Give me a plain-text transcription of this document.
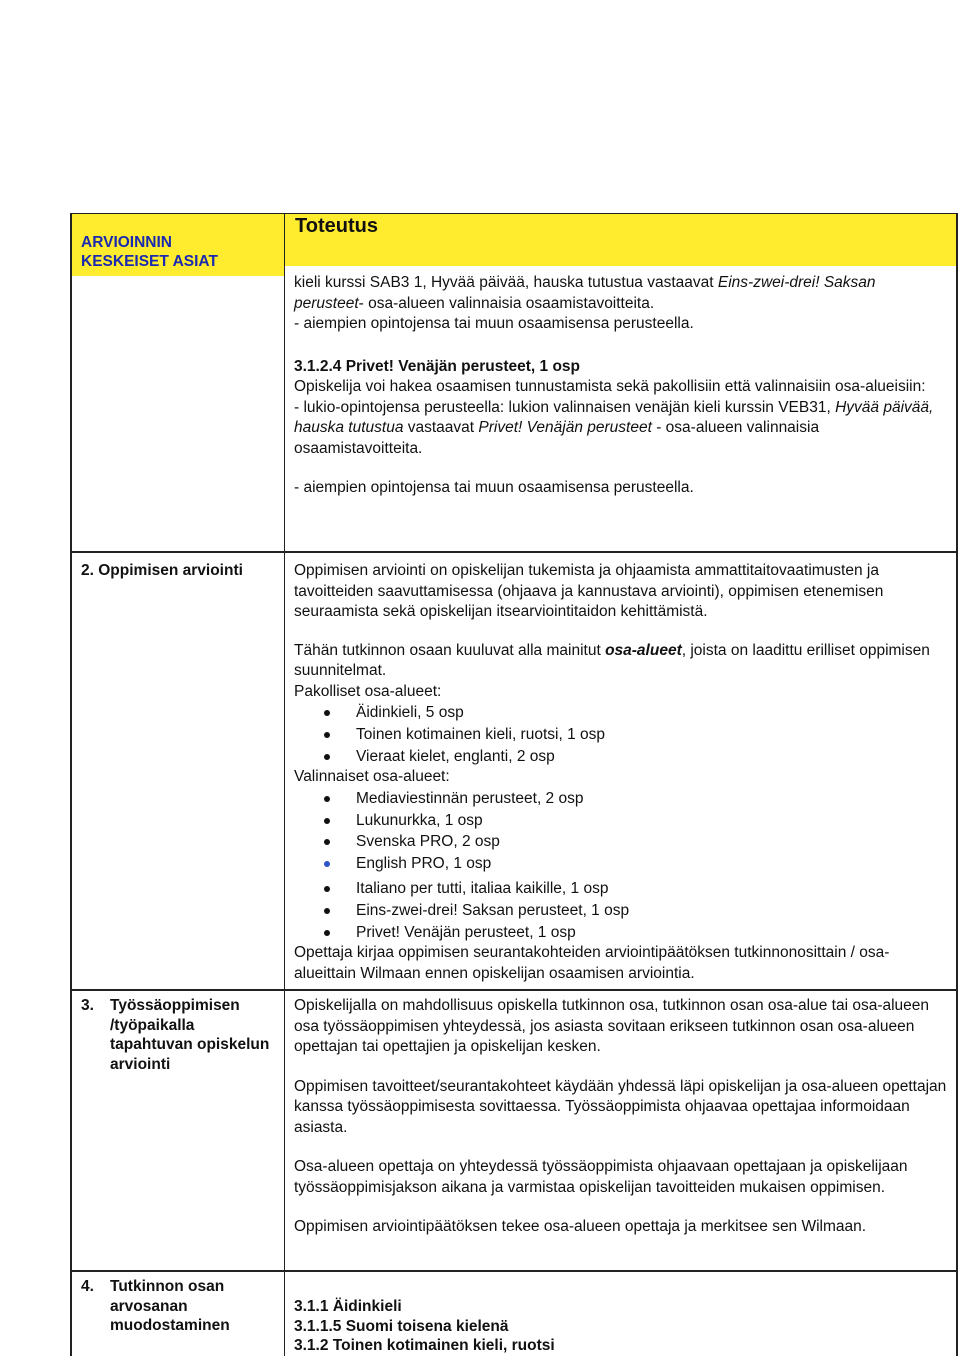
ARVIOINNIN
KESKEISET ASIAT
Toteutus

kieli kurssi SAB3 1, Hyvää päivää, hauska tutustua vastaavat Eins-zwei-drei! Saksan

perusteet- osa-alueen valinnaisia osaamistavoitteita.

- aiempien opintojensa tai muun osaamisensa perusteella.

3.1.2.4 Privet! Venäjän perusteet, 1 osp

Opiskelija voi hakea osaamisen tunnustamista sekä pakollisiin että valinnaisiin osa-alueisiin:

- lukio-opintojensa perusteella: lukion valinnaisen venäjän kieli kurssin VEB31, Hyvää päivää, hauska tutustua vastaavat Privet! Venäjän perusteet - osa-alueen valinnaisia osaamistavoitteita.

- aiempien opintojensa tai muun osaamisensa perusteella.

2. Oppimisen arviointi	Oppimisen arviointi on opiskelijan tukemista ja ohjaamista ammattitaitovaatimusten ja tavoitteiden saavuttamisessa (ohjaava ja kannustava arviointi), oppimisen etenemisen seuraamista sekä opiskelijan itsearviointitaidon kehittämistä.

Tähän tutkinnon osaan kuuluvat alla mainitut osa-alueet, joista on laadittu erilliset oppimisen suunnitelmat.

Pakolliset osa-alueet:

Äidinkieli, 5 osp
Toinen kotimainen kieli, ruotsi, 1 osp
Vieraat kielet, englanti, 2 osp

Valinnaiset osa-alueet:

Mediaviestinnän perusteet, 2 osp
Lukunurkka, 1 osp
Svenska PRO, 2 osp
English PRO, 1 osp
Italiano per tutti, italiaa kaikille, 1 osp
Eins-zwei-drei! Saksan perusteet, 1 osp
Privet! Venäjän perusteet, 1 osp

Opettaja kirjaa oppimisen seurantakohteiden arviointipäätöksen tutkinnonosittain / osa-alueittain Wilmaan ennen opiskelijan osaamisen arviointia.

3. Työssäoppimisen /työpaikalla tapahtuvan opiskelun arviointi

Opiskelijalla on mahdollisuus opiskella tutkinnon osa, tutkinnon osan osa-alue tai osa-alueen osa työssäoppimisen yhteydessä, jos asiasta sovitaan erikseen tutkinnon osan osa-alueen opettajan tai opettajien ja opiskelijan kesken.

Oppimisen tavoitteet/seurantakohteet käydään yhdessä läpi opiskelijan ja osa-alueen opettajan kanssa työssäoppimisesta sovittaessa. Työssäoppimista ohjaavaa opettajaa informoidaan asiasta.

Osa-alueen opettaja on yhteydessä työssäoppimista ohjaavaan opettajaan ja opiskelijaan työssäoppimisjakson aikana ja varmistaa opiskelijan tavoitteiden mukaisen oppimisen.

Oppimisen arviointipäätöksen tekee osa-alueen opettaja ja merkitsee sen Wilmaan.

4. Tutkinnon osan arvosanan muodostaminen

3.1.1 Äidinkieli

3.1.1.5 Suomi toisena kielenä

3.1.2 Toinen kotimainen kieli, ruotsi
